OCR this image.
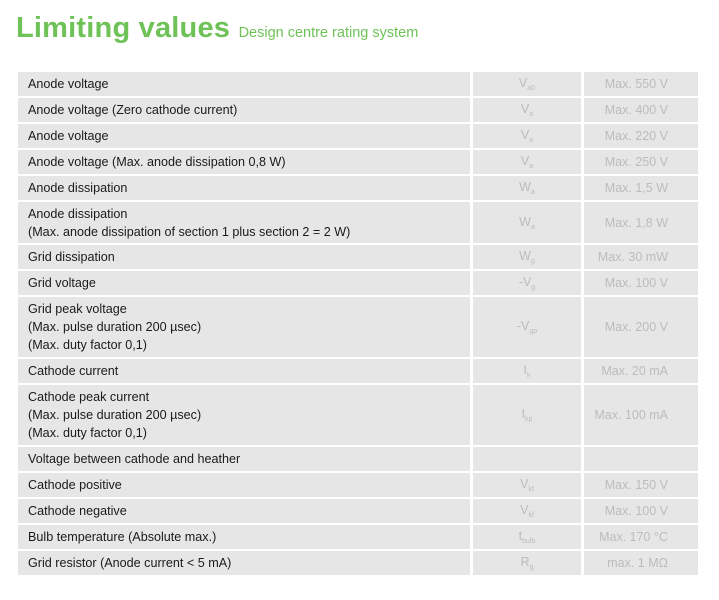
Limiting values Design centre rating system
Anode voltage	$V_{a0}$	Max. 550 V

Anode voltage (Zero cathode current)	$V_a$	Max. 400 V

Anode voltage	$V_a$	Max. 220 V

Anode voltage (Max. anode dissipation 0,8 W)	$V_a$	Max. 250 V

Anode dissipation	$W_a$	Max. 1,5 W

Anode dissipation
(Max. anode dissipation of section 1 plus section 2 = 2 W)	$W_a$	Max. 1,8 W

Grid dissipation	$W_g$	Max. 30 mW

Grid voltage	$-V_g$	Max. 100 V

Grid peak voltage
(Max. pulse duration 200 µsec)
(Max. duty factor 0,1)	$-V_{gp}$	Max. 200 V

Cathode current	$I_k$	Max. 20 mA

Cathode peak current
(Max. pulse duration 200 µsec)
(Max. duty factor 0,1)	$I_{kp}$	Max. 100 mA

Voltage between cathode and heather		

Cathode positive	$V_{kf}$	Max. 150 V

Cathode negative	$V_{kf}$	Max. 100 V

Bulb temperature (Absolute max.)	$t_{bulb}$	Max. 170 °C

Grid resistor (Anode current < 5 mA)	$R_g$	max. 1 MΩ
